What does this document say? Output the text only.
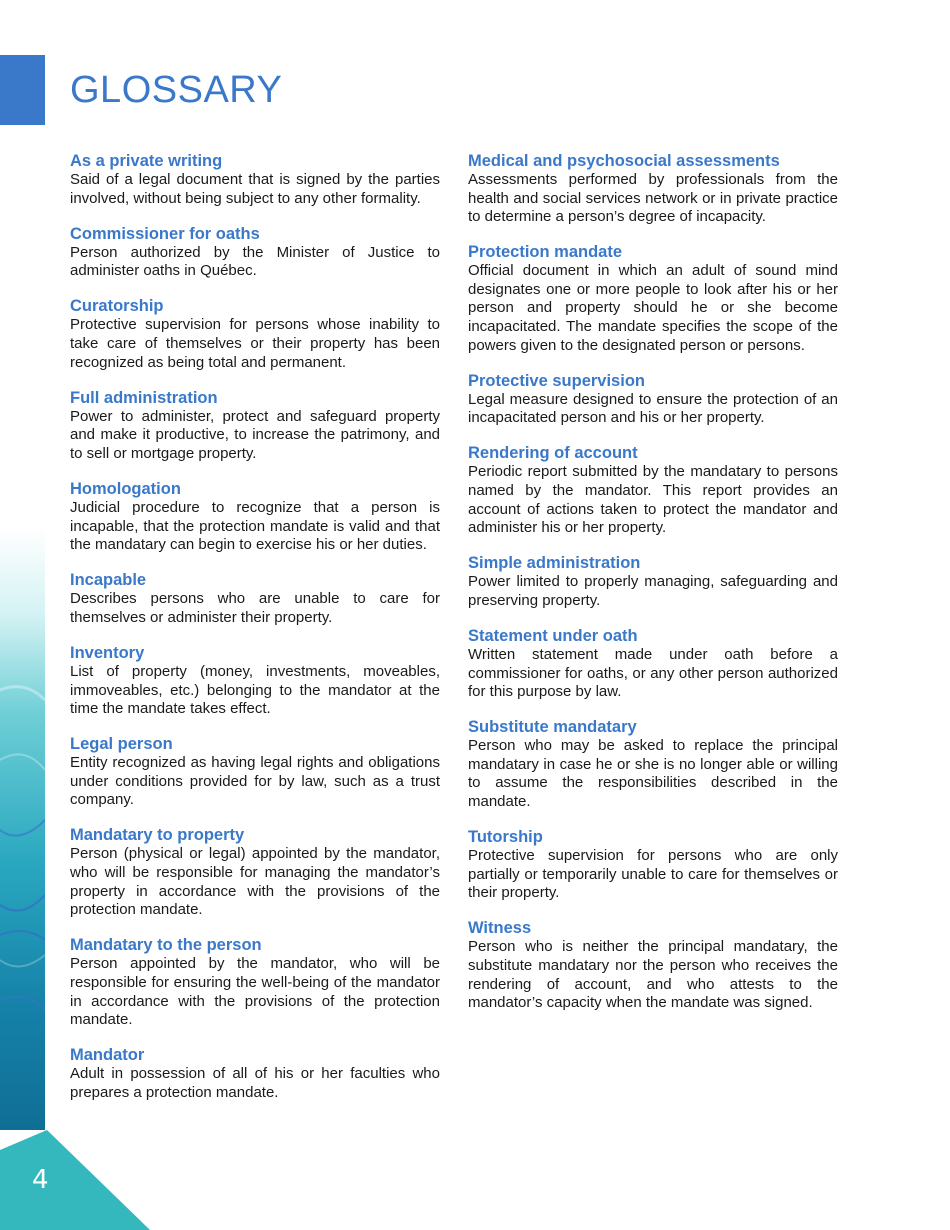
4
GLOSSARY

As a private writing

Said of a legal document that is signed by the parties involved, without being subject to any other formality.

Commissioner for oaths

Person authorized by the Minister of Justice to administer oaths in Québec.

Curatorship

Protective supervision for persons whose inability to take care of themselves or their property has been recognized as being total and permanent.

Full administration

Power to administer, protect and safeguard property and make it productive, to increase the patrimony, and to sell or mortgage property.

Homologation

Judicial procedure to recognize that a person is incapable, that the protection mandate is valid and that the mandatary can begin to exercise his or her duties.

Incapable

Describes persons who are unable to care for themselves or administer their property.

Inventory

List of property (money, investments, moveables, immoveables, etc.) belonging to the mandator at the time the mandate takes effect.

Legal person

Entity recognized as having legal rights and obligations under conditions provided for by law, such as a trust company.

Mandatary to property

Person (physical or legal) appointed by the mandator, who will be responsible for managing the mandator’s property in accordance with the provisions of the protection mandate.

Mandatary to the person

Person appointed by the mandator, who will be responsible for ensuring the well-being of the mandator in accordance with the provisions of the protection mandate.

Mandator

Adult in possession of all of his or her faculties who prepares a protection mandate.

Medical and psychosocial assessments

Assessments performed by professionals from the health and social services network or in private practice to determine a person’s degree of incapacity.

Protection mandate

Official document in which an adult of sound mind designates one or more people to look after his or her person and property should he or she become incapacitated. The mandate specifies the scope of the powers given to the designated person or persons.

Protective supervision

Legal measure designed to ensure the protection of an incapacitated person and his or her property.

Rendering of account

Periodic report submitted by the mandatary to persons named by the mandator. This report provides an account of actions taken to protect the mandator and administer his or her property.

Simple administration

Power limited to properly managing, safeguarding and preserving property.

Statement under oath

Written statement made under oath before a commissioner for oaths, or any other person authorized for this purpose by law.

Substitute mandatary

Person who may be asked to replace the principal mandatary in case he or she is no longer able or willing to assume the responsibilities described in the mandate.

Tutorship

Protective supervision for persons who are only partially or temporarily unable to care for themselves or their property.

Witness

Person who is neither the principal mandatary, the substitute mandatary nor the person who receives the rendering of account, and who attests to the mandator’s capacity when the mandate was signed.
